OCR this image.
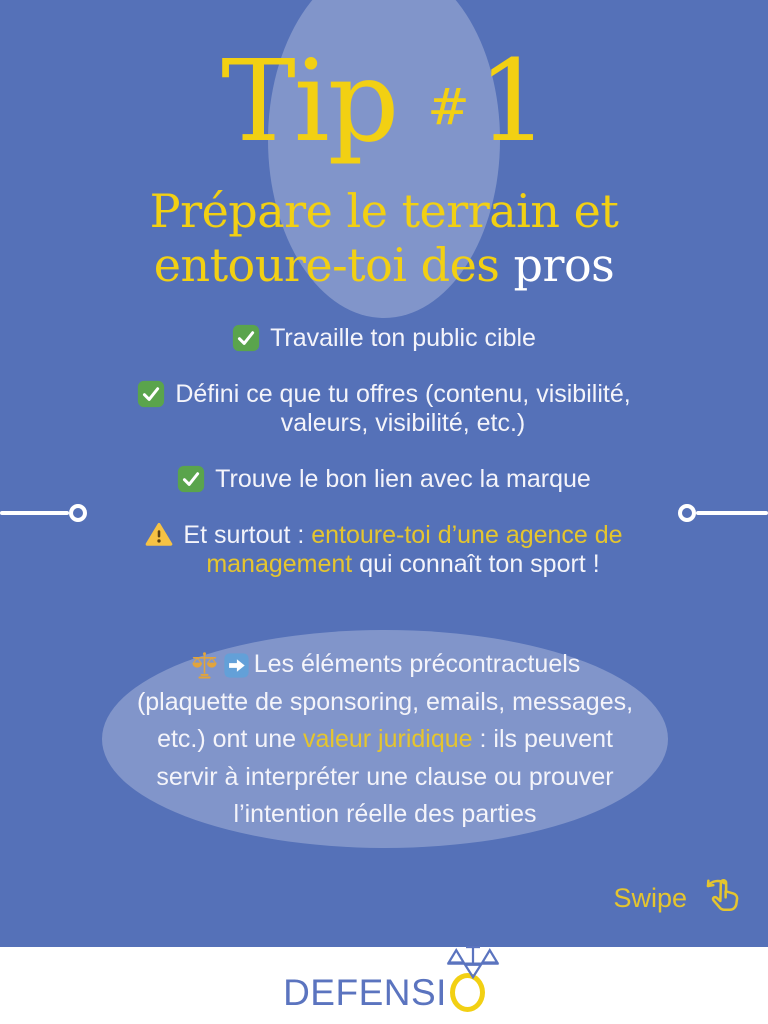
Tip #1
Prépare le terrain et
entoure-toi des pros
Travaille ton public cible
Défini ce que tu offres (contenu, visibilité,
valeurs, visibilité, etc.)
Trouve le bon lien avec la marque
Et surtout : entoure-toi d’une agence de
management qui connaît ton sport !
Les éléments précontractuels
(plaquette de sponsoring, emails, messages,
etc.) ont une valeur juridique : ils peuvent
servir à interpréter une clause ou prouver
l’intention réelle des parties
Swipe
DEFENSI
